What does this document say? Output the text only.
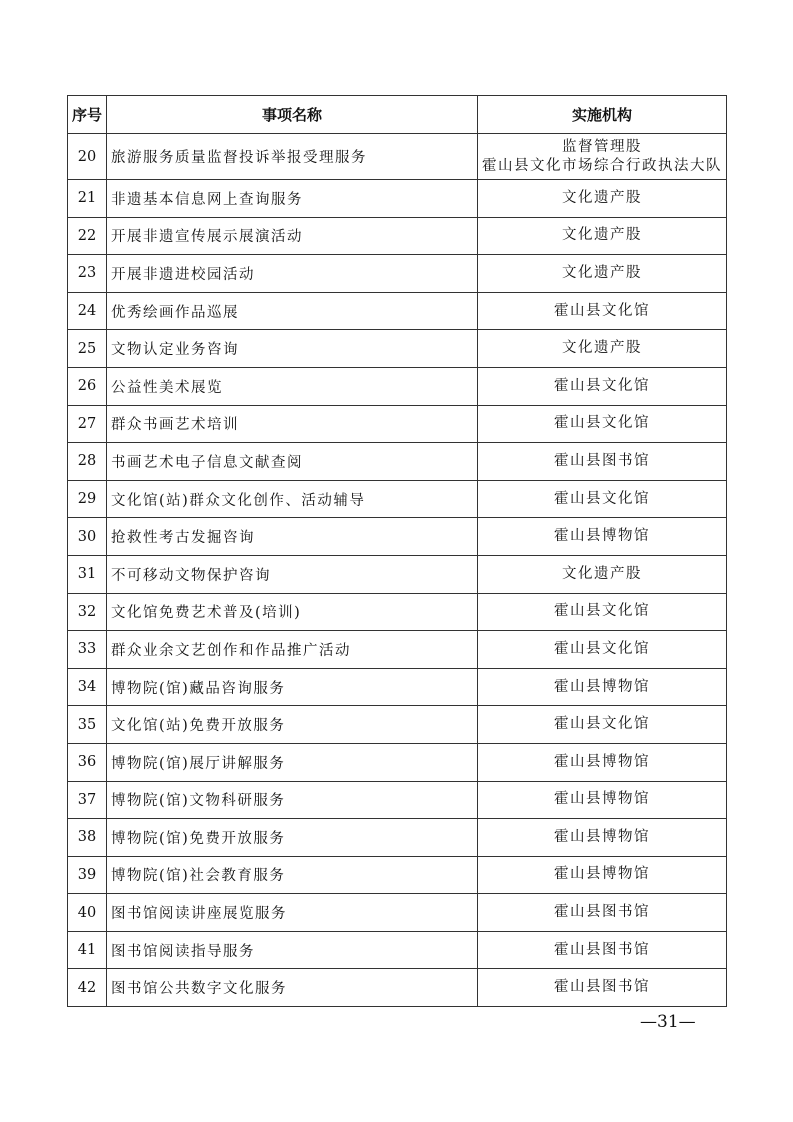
序号	事项名称	实施机构
20	旅游服务质量监督投诉举报受理服务	监督管理股
霍山县文化市场综合行政执法大队

21	非遗基本信息网上查询服务	文化遗产股

22	开展非遗宣传展示展演活动	文化遗产股

23	开展非遗进校园活动	文化遗产股

24	优秀绘画作品巡展	霍山县文化馆

25	文物认定业务咨询	文化遗产股

26	公益性美术展览	霍山县文化馆

27	群众书画艺术培训	霍山县文化馆

28	书画艺术电子信息文献查阅	霍山县图书馆

29	文化馆(站)群众文化创作、活动辅导	霍山县文化馆

30	抢救性考古发掘咨询	霍山县博物馆

31	不可移动文物保护咨询	文化遗产股

32	文化馆免费艺术普及(培训)	霍山县文化馆

33	群众业余文艺创作和作品推广活动	霍山县文化馆

34	博物院(馆)藏品咨询服务	霍山县博物馆

35	文化馆(站)免费开放服务	霍山县文化馆

36	博物院(馆)展厅讲解服务	霍山县博物馆

37	博物院(馆)文物科研服务	霍山县博物馆

38	博物院(馆)免费开放服务	霍山县博物馆

39	博物院(馆)社会教育服务	霍山县博物馆

40	图书馆阅读讲座展览服务	霍山县图书馆

41	图书馆阅读指导服务	霍山县图书馆

42	图书馆公共数字文化服务	霍山县图书馆
—31—
